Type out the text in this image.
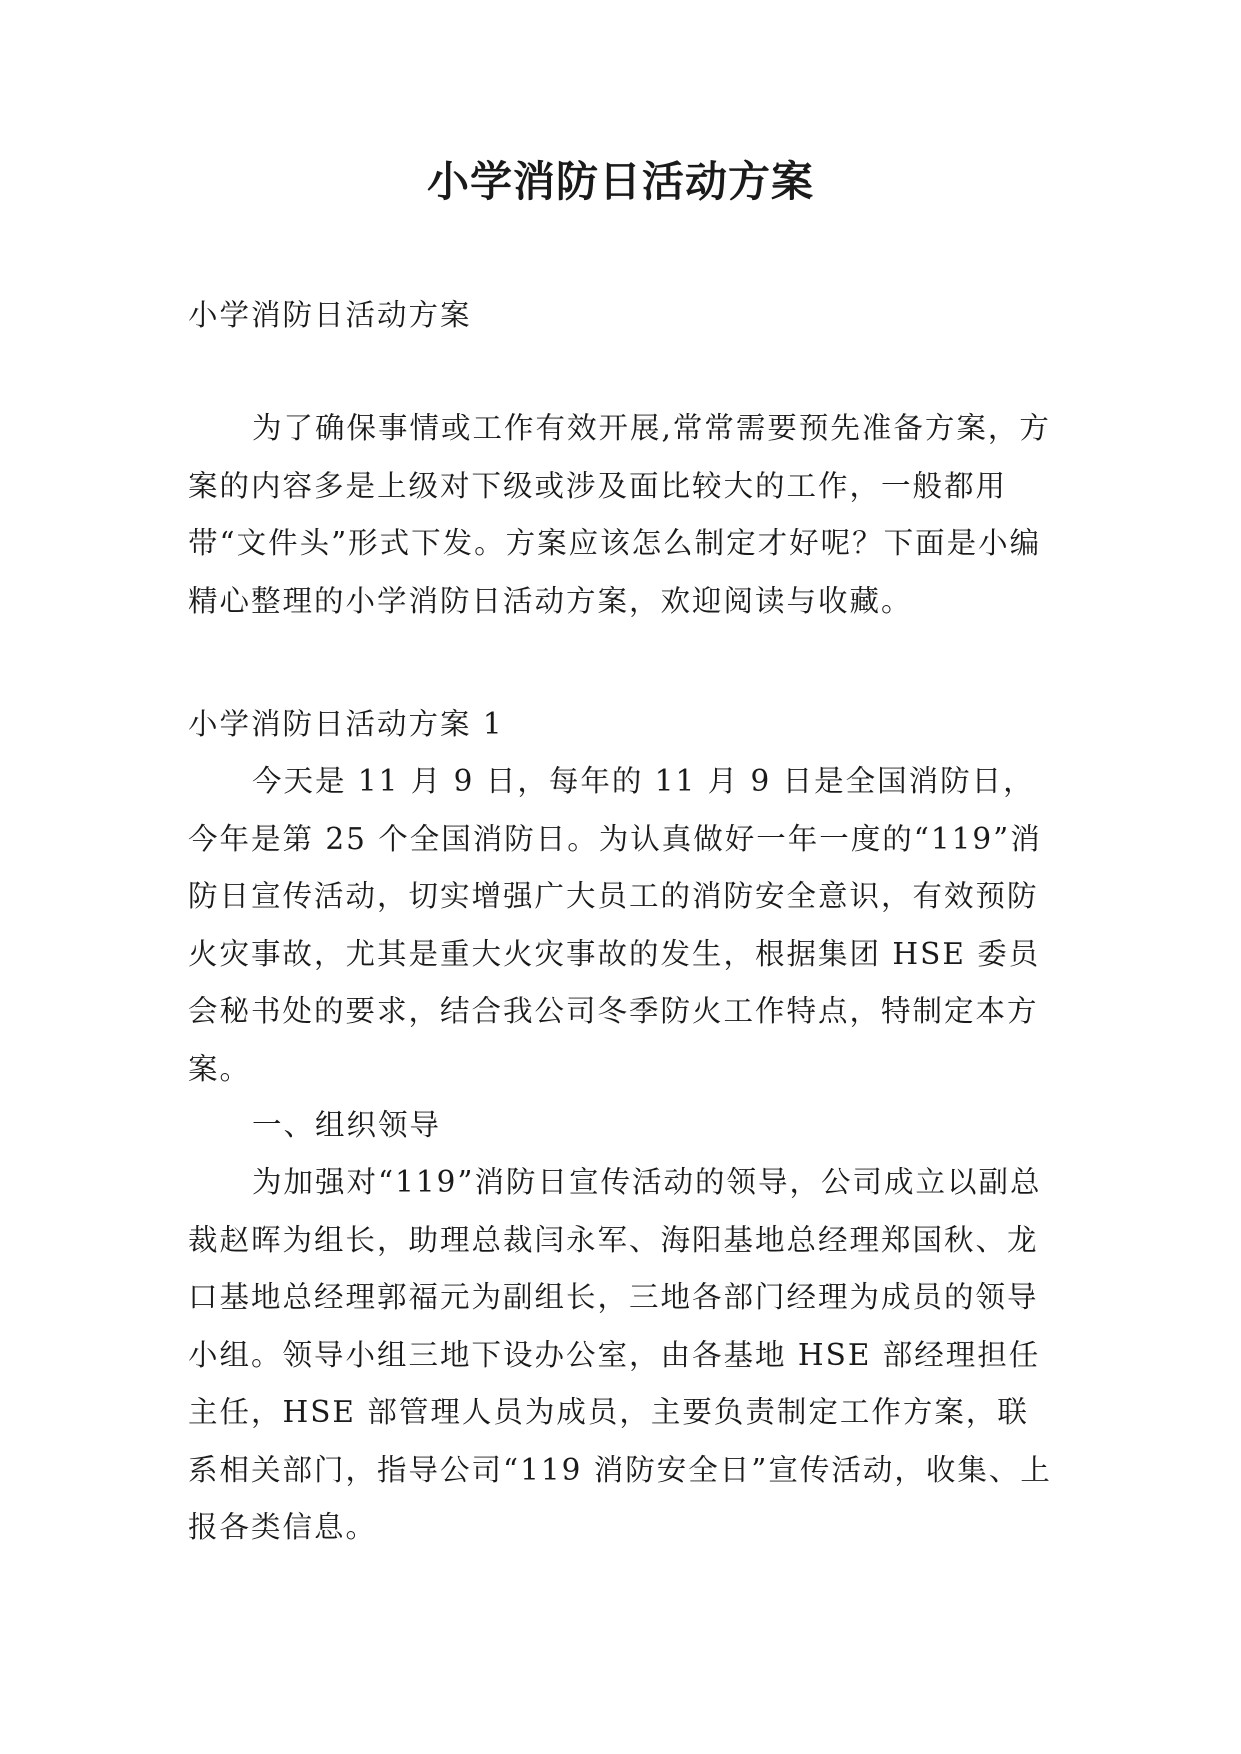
小学消防日活动方案

小学消防日活动方案

为了确保事情或工作有效开展,常常需要预先准备方案，方案的内容多是上级对下级或涉及面比较大的工作，一般都用带“文件头”形式下发。方案应该怎么制定才好呢？下面是小编精心整理的小学消防日活动方案，欢迎阅读与收藏。

小学消防日活动方案 1

今天是 11 月 9 日，每年的 11 月 9 日是全国消防日，今年是第 25 个全国消防日。为认真做好一年一度的“119”消防日宣传活动，切实增强广大员工的消防安全意识，有效预防火灾事故，尤其是重大火灾事故的发生，根据集团 HSE 委员会秘书处的要求，结合我公司冬季防火工作特点，特制定本方案。

一、组织领导

为加强对“119”消防日宣传活动的领导，公司成立以副总裁赵晖为组长，助理总裁闫永军、海阳基地总经理郑国秋、龙口基地总经理郭福元为副组长，三地各部门经理为成员的领导小组。领导小组三地下设办公室，由各基地 HSE 部经理担任主任，HSE 部管理人员为成员，主要负责制定工作方案，联系相关部门，指导公司“119 消防安全日”宣传活动，收集、上报各类信息。
